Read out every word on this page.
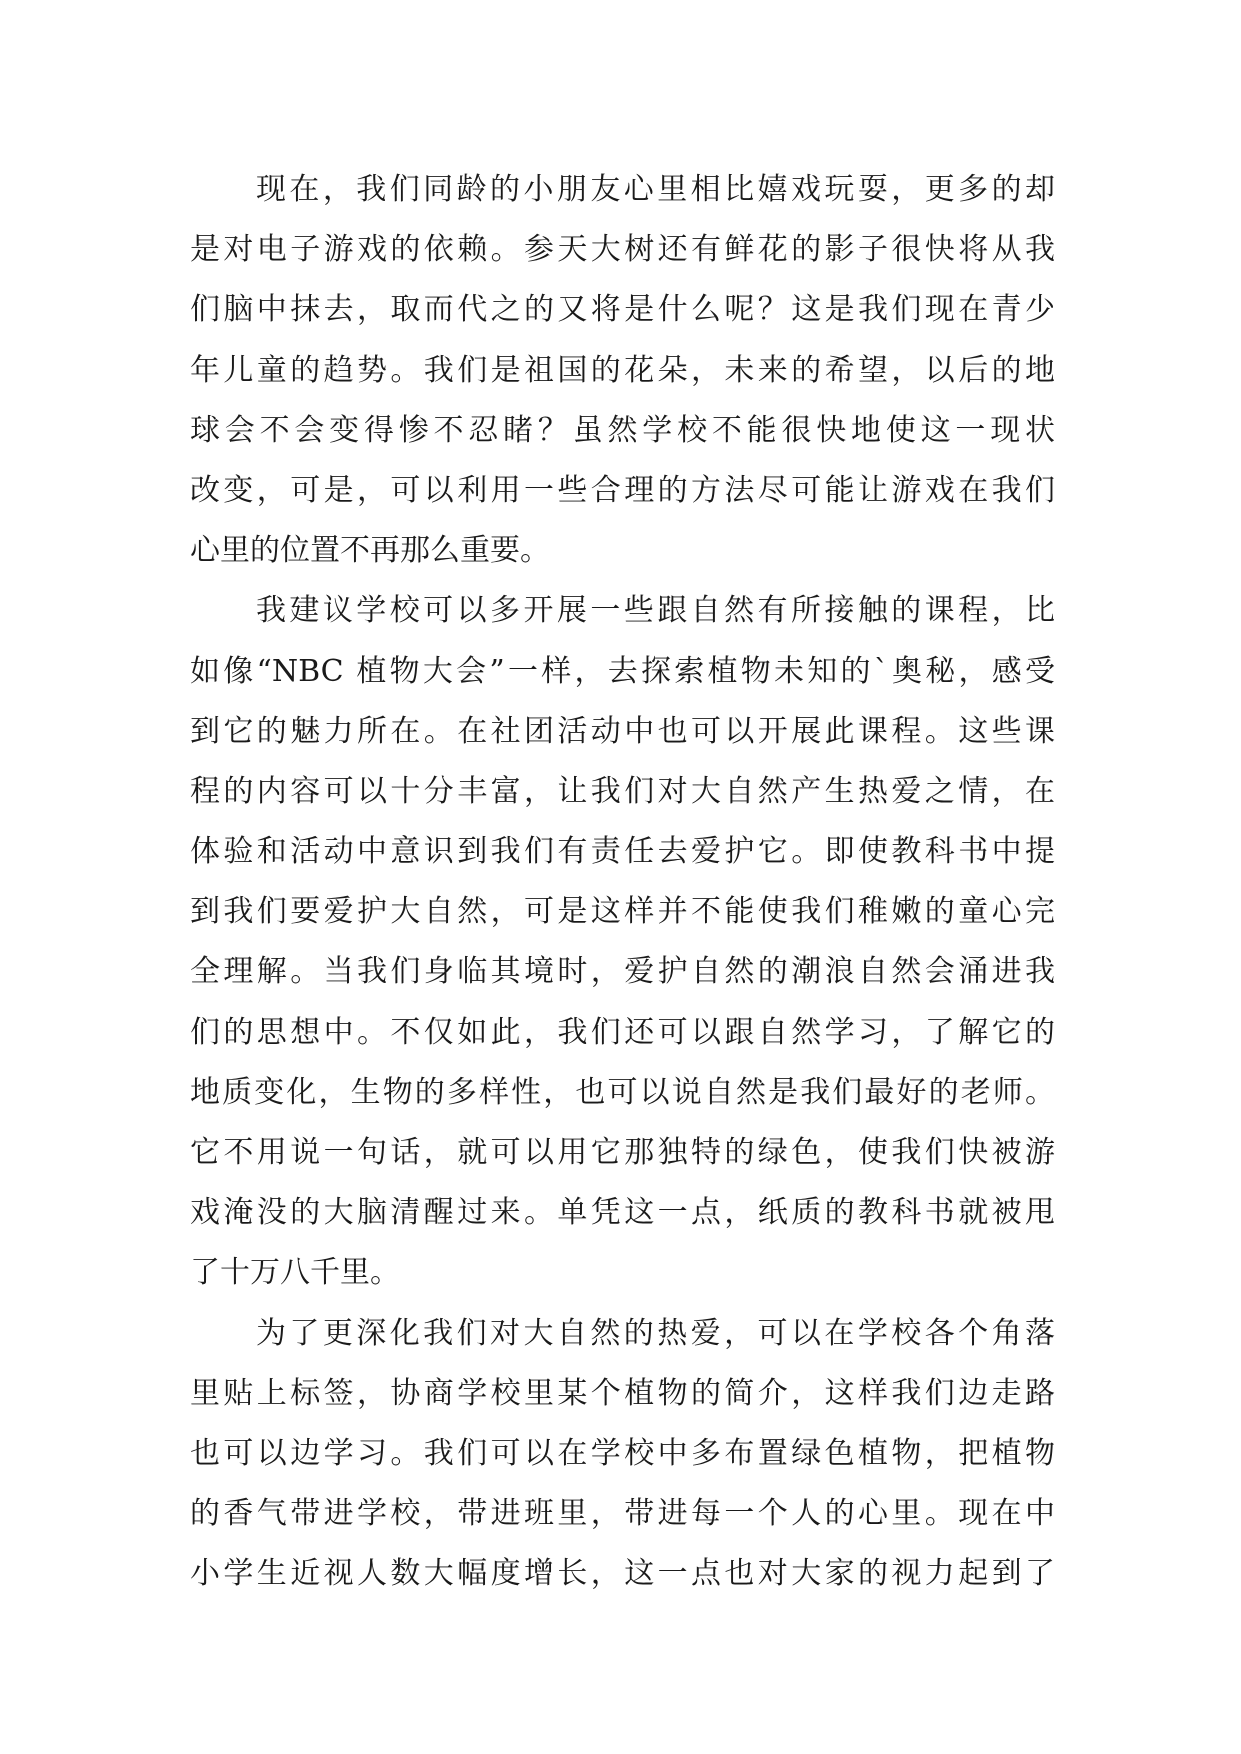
现在，我们同龄的小朋友心里相比嬉戏玩耍，更多的却
是对电子游戏的依赖。参天大树还有鲜花的影子很快将从我
们脑中抹去，取而代之的又将是什么呢？这是我们现在青少
年儿童的趋势。我们是祖国的花朵，未来的希望，以后的地
球会不会变得惨不忍睹？虽然学校不能很快地使这一现状
改变，可是，可以利用一些合理的方法尽可能让游戏在我们
心里的位置不再那么重要。
我建议学校可以多开展一些跟自然有所接触的课程，比
如像“NBC 植物大会”一样，去探索植物未知的`奥秘，感受
到它的魅力所在。在社团活动中也可以开展此课程。这些课
程的内容可以十分丰富，让我们对大自然产生热爱之情，在
体验和活动中意识到我们有责任去爱护它。即使教科书中提
到我们要爱护大自然，可是这样并不能使我们稚嫩的童心完
全理解。当我们身临其境时，爱护自然的潮浪自然会涌进我
们的思想中。不仅如此，我们还可以跟自然学习，了解它的
地质变化，生物的多样性，也可以说自然是我们最好的老师。
它不用说一句话，就可以用它那独特的绿色，使我们快被游
戏淹没的大脑清醒过来。单凭这一点，纸质的教科书就被甩
了十万八千里。
为了更深化我们对大自然的热爱，可以在学校各个角落
里贴上标签，协商学校里某个植物的简介，这样我们边走路
也可以边学习。我们可以在学校中多布置绿色植物，把植物
的香气带进学校，带进班里，带进每一个人的心里。现在中
小学生近视人数大幅度增长，这一点也对大家的视力起到了
